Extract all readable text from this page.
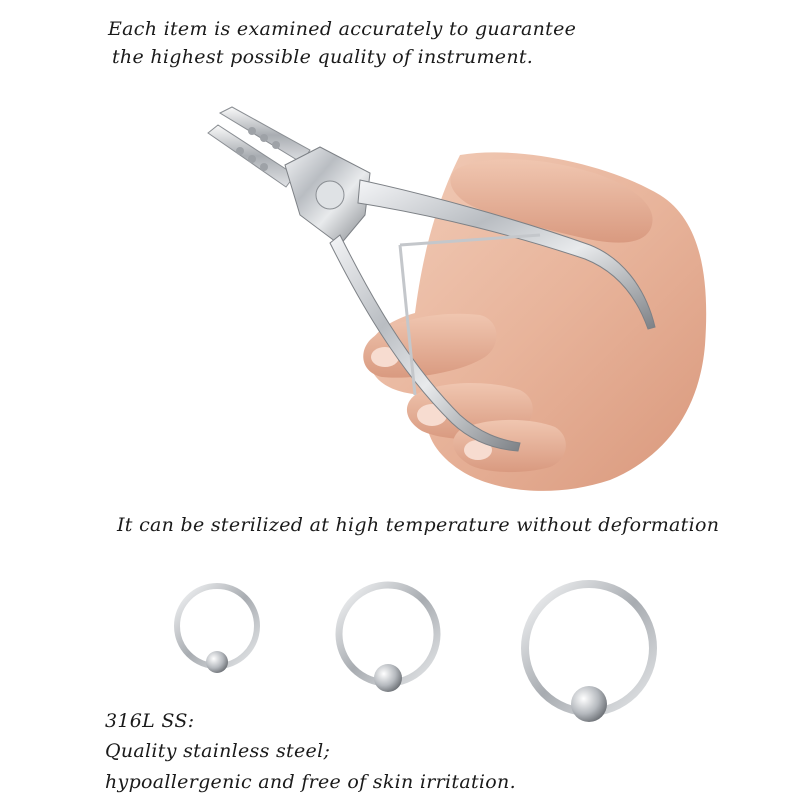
Each item is examined accurately to guarantee
the highest possible quality of instrument.
It can be sterilized at high temperature without deformation
316L SS:
Quality stainless steel;
hypoallergenic and free of skin irritation.
